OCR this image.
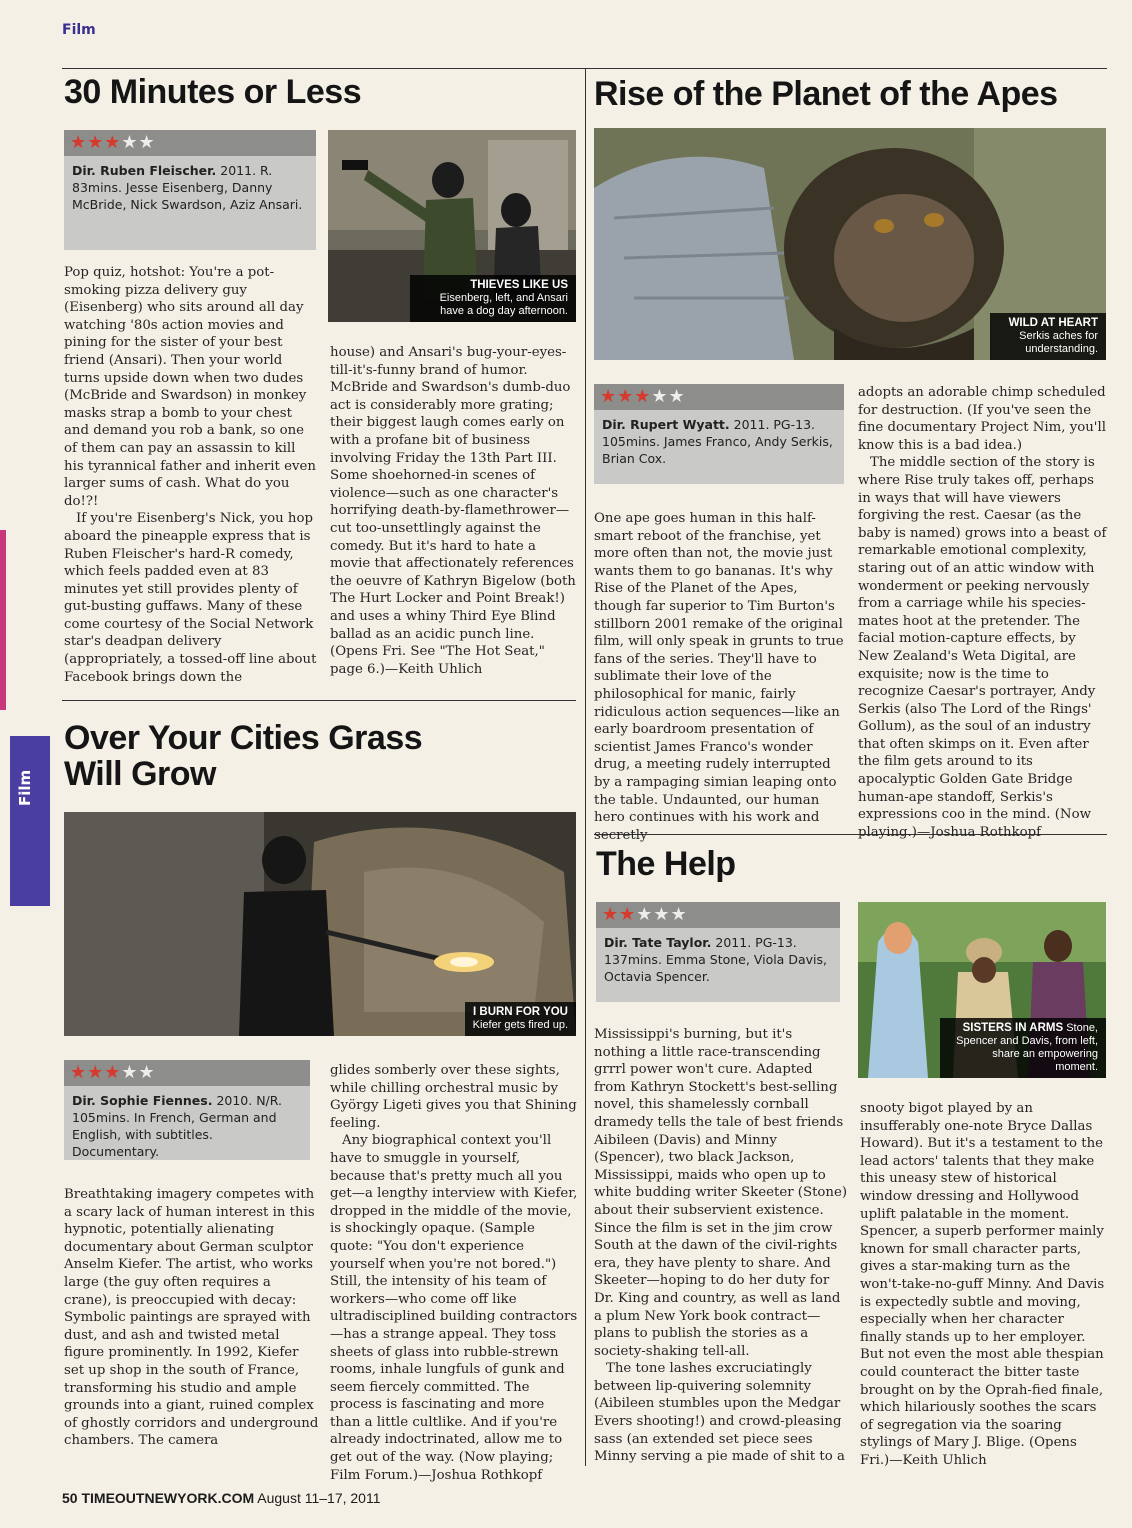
Film
Film
30 Minutes or Less
★★★★★
Dir. Ruben Fleischer. 2011. R. 83mins. Jesse Eisenberg, Danny McBride, Nick Swardson, Aziz Ansari.
THIEVES LIKE US
Eisenberg, left, and Ansari have a dog day afternoon.

Pop quiz, hotshot: You're a pot-smoking pizza delivery guy (Eisenberg) who sits around all day watching '80s action movies and pining for the sister of your best friend (Ansari). Then your world turns upside down when two dudes (McBride and Swardson) in monkey masks strap a bomb to your chest and demand you rob a bank, so one of them can pay an assassin to kill his tyrannical father and inherit even larger sums of cash. What do you do!?!

If you're Eisenberg's Nick, you hop aboard the pineapple express that is Ruben Fleischer's hard-R comedy, which feels padded even at 83 minutes yet still provides plenty of gut-busting guffaws. Many of these come courtesy of the Social Network star's deadpan delivery (appropriately, a tossed-off line about Facebook brings down the

house) and Ansari's bug-your-eyes-till-it's-funny brand of humor. McBride and Swardson's dumb-duo act is considerably more grating; their biggest laugh comes early on with a profane bit of business involving Friday the 13th Part III. Some shoehorned-in scenes of violence—such as one character's horrifying death-by-flamethrower—cut too-unsettlingly against the comedy. But it's hard to hate a movie that affectionately references the oeuvre of Kathryn Bigelow (both The Hurt Locker and Point Break!) and uses a whiny Third Eye Blind ballad as an acidic punch line. (Opens Fri. See "The Hot Seat," page 6.)—Keith Uhlich

Over Your Cities Grass
Will Grow
I BURN FOR YOU
Kiefer gets fired up.
★★★★★
Dir. Sophie Fiennes. 2010. N/R. 105mins. In French, German and English, with subtitles. Documentary.

Breathtaking imagery competes with a scary lack of human interest in this hypnotic, potentially alienating documentary about German sculptor Anselm Kiefer. The artist, who works large (the guy often requires a crane), is preoccupied with decay: Symbolic paintings are sprayed with dust, and ash and twisted metal figure prominently. In 1992, Kiefer set up shop in the south of France, transforming his studio and ample grounds into a giant, ruined complex of ghostly corridors and underground chambers. The camera

glides somberly over these sights, while chilling orchestral music by György Ligeti gives you that Shining feeling.

Any biographical context you'll have to smuggle in yourself, because that's pretty much all you get—a lengthy interview with Kiefer, dropped in the middle of the movie, is shockingly opaque. (Sample quote: "You don't experience yourself when you're not bored.") Still, the intensity of his team of workers—who come off like ultradisciplined building contractors—has a strange appeal. They toss sheets of glass into rubble-strewn rooms, inhale lungfuls of gunk and seem fiercely committed. The process is fascinating and more than a little cultlike. And if you're already indoctrinated, allow me to get out of the way. (Now playing; Film Forum.)—Joshua Rothkopf

Rise of the Planet of the Apes
WILD AT HEART
Serkis aches for understanding.
★★★★★
Dir. Rupert Wyatt. 2011. PG-13. 105mins. James Franco, Andy Serkis, Brian Cox.

One ape goes human in this half-smart reboot of the franchise, yet more often than not, the movie just wants them to go bananas. It's why Rise of the Planet of the Apes, though far superior to Tim Burton's stillborn 2001 remake of the original film, will only speak in grunts to true fans of the series. They'll have to sublimate their love of the philosophical for manic, fairly ridiculous action sequences—like an early boardroom presentation of scientist James Franco's wonder drug, a meeting rudely interrupted by a rampaging simian leaping onto the table. Undaunted, our human hero continues with his work and secretly

adopts an adorable chimp scheduled for destruction. (If you've seen the fine documentary Project Nim, you'll know this is a bad idea.)

The middle section of the story is where Rise truly takes off, perhaps in ways that will have viewers forgiving the rest. Caesar (as the baby is named) grows into a beast of remarkable emotional complexity, staring out of an attic window with wonderment or peeking nervously from a carriage while his species-mates hoot at the pretender. The facial motion-capture effects, by New Zealand's Weta Digital, are exquisite; now is the time to recognize Caesar's portrayer, Andy Serkis (also The Lord of the Rings' Gollum), as the soul of an industry that often skimps on it. Even after the film gets around to its apocalyptic Golden Gate Bridge human-ape standoff, Serkis's expressions coo in the mind. (Now playing.)—Joshua Rothkopf

The Help
★★★★★
Dir. Tate Taylor. 2011. PG-13. 137mins. Emma Stone, Viola Davis, Octavia Spencer.
SISTERS IN ARMS Stone, Spencer and Davis, from left, share an empowering moment.

Mississippi's burning, but it's nothing a little race-transcending grrrl power won't cure. Adapted from Kathryn Stockett's best-selling novel, this shamelessly cornball dramedy tells the tale of best friends Aibileen (Davis) and Minny (Spencer), two black Jackson, Mississippi, maids who open up to white budding writer Skeeter (Stone) about their subservient existence. Since the film is set in the jim crow South at the dawn of the civil-rights era, they have plenty to share. And Skeeter—hoping to do her duty for Dr. King and country, as well as land a plum New York book contract—plans to publish the stories as a society-shaking tell-all.

The tone lashes excruciatingly between lip-quivering solemnity (Aibileen stumbles upon the Medgar Evers shooting!) and crowd-pleasing sass (an extended set piece sees Minny serving a pie made of shit to a

snooty bigot played by an insufferably one-note Bryce Dallas Howard). But it's a testament to the lead actors' talents that they make this uneasy stew of historical window dressing and Hollywood uplift palatable in the moment. Spencer, a superb performer mainly known for small character parts, gives a star-making turn as the won't-take-no-guff Minny. And Davis is expectedly subtle and moving, especially when her character finally stands up to her employer. But not even the most able thespian could counteract the bitter taste brought on by the Oprah-fied finale, which hilariously soothes the scars of segregation via the soaring stylings of Mary J. Blige. (Opens Fri.)—Keith Uhlich

50 TIMEOUTNEWYORK.COM August 11–17, 2011
